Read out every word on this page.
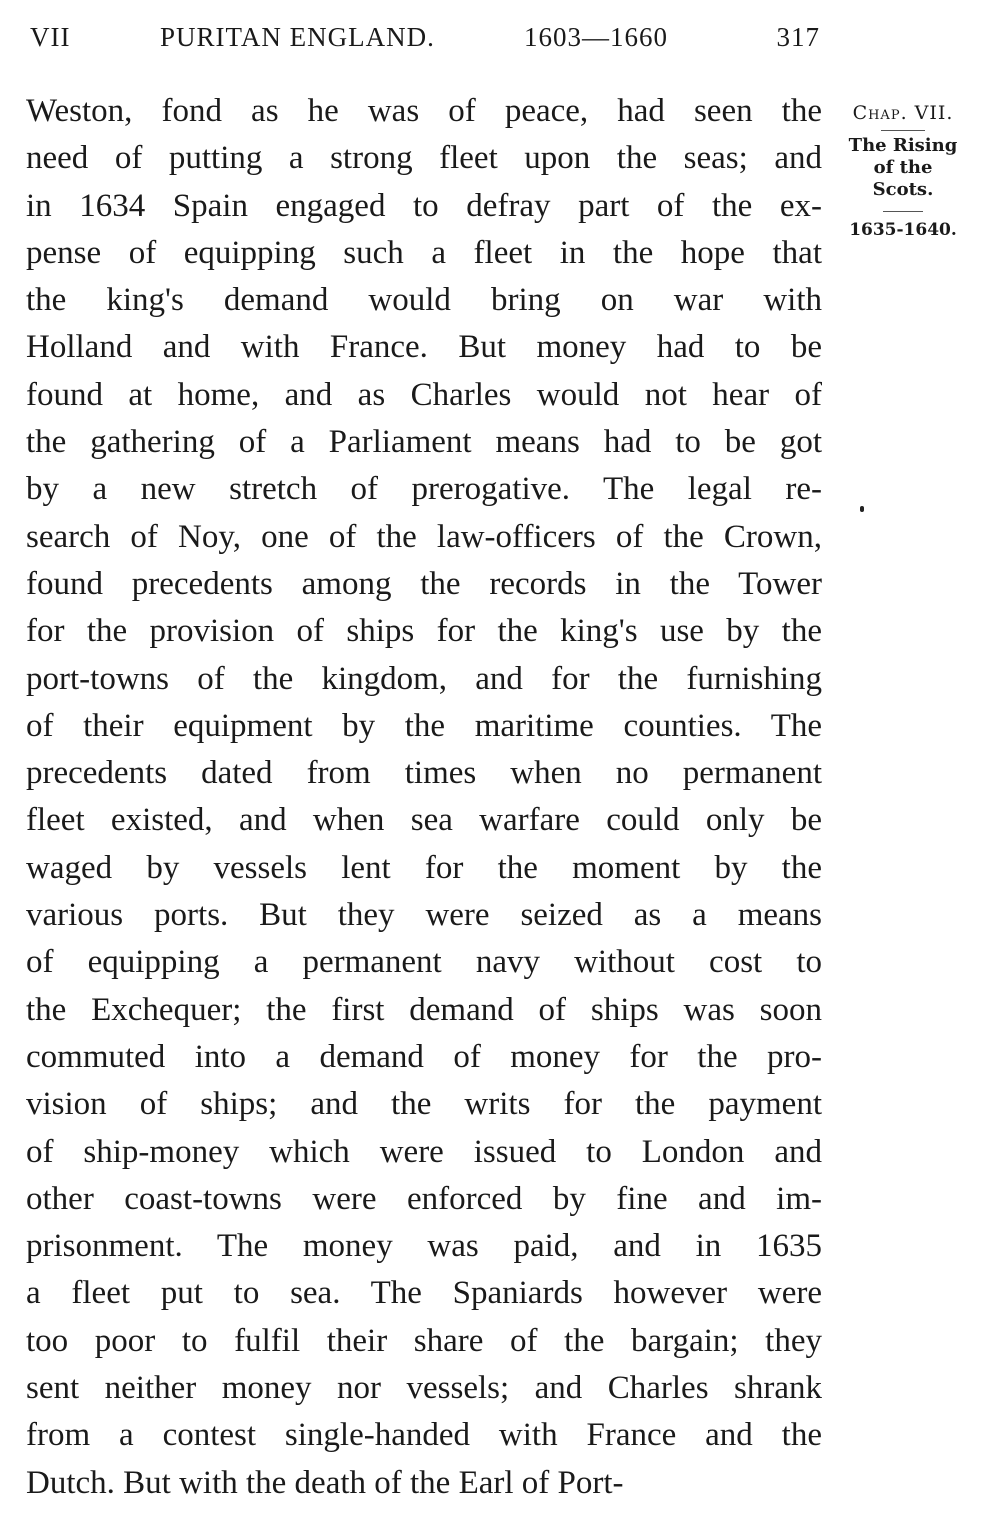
VII	PURITAN ENGLAND.	1603—1660	317
Weston, fond as he was of peace, had seen the
need of putting a strong fleet upon the seas; and
in 1634 Spain engaged to defray part of the ex-
pense of equipping such a fleet in the hope that
the king's demand would bring on war with
Holland and with France. But money had to be
found at home, and as Charles would not hear of
the gathering of a Parliament means had to be got
by a new stretch of prerogative. The legal re-
search of Noy, one of the law-officers of the Crown,
found precedents among the records in the Tower
for the provision of ships for the king's use by the
port-towns of the kingdom, and for the furnishing
of their equipment by the maritime counties. The
precedents dated from times when no permanent
fleet existed, and when sea warfare could only be
waged by vessels lent for the moment by the
various ports. But they were seized as a means
of equipping a permanent navy without cost to
the Exchequer; the first demand of ships was soon
commuted into a demand of money for the pro-
vision of ships; and the writs for the payment
of ship-money which were issued to London and
other coast-towns were enforced by fine and im-
prisonment. The money was paid, and in 1635
a fleet put to sea. The Spaniards however were
too poor to fulfil their share of the bargain; they
sent neither money nor vessels; and Charles shrank
from a contest single-handed with France and the
Dutch. But with the death of the Earl of Port-
Chap. VII.
The Rising
of the
Scots.
1635-1640.
